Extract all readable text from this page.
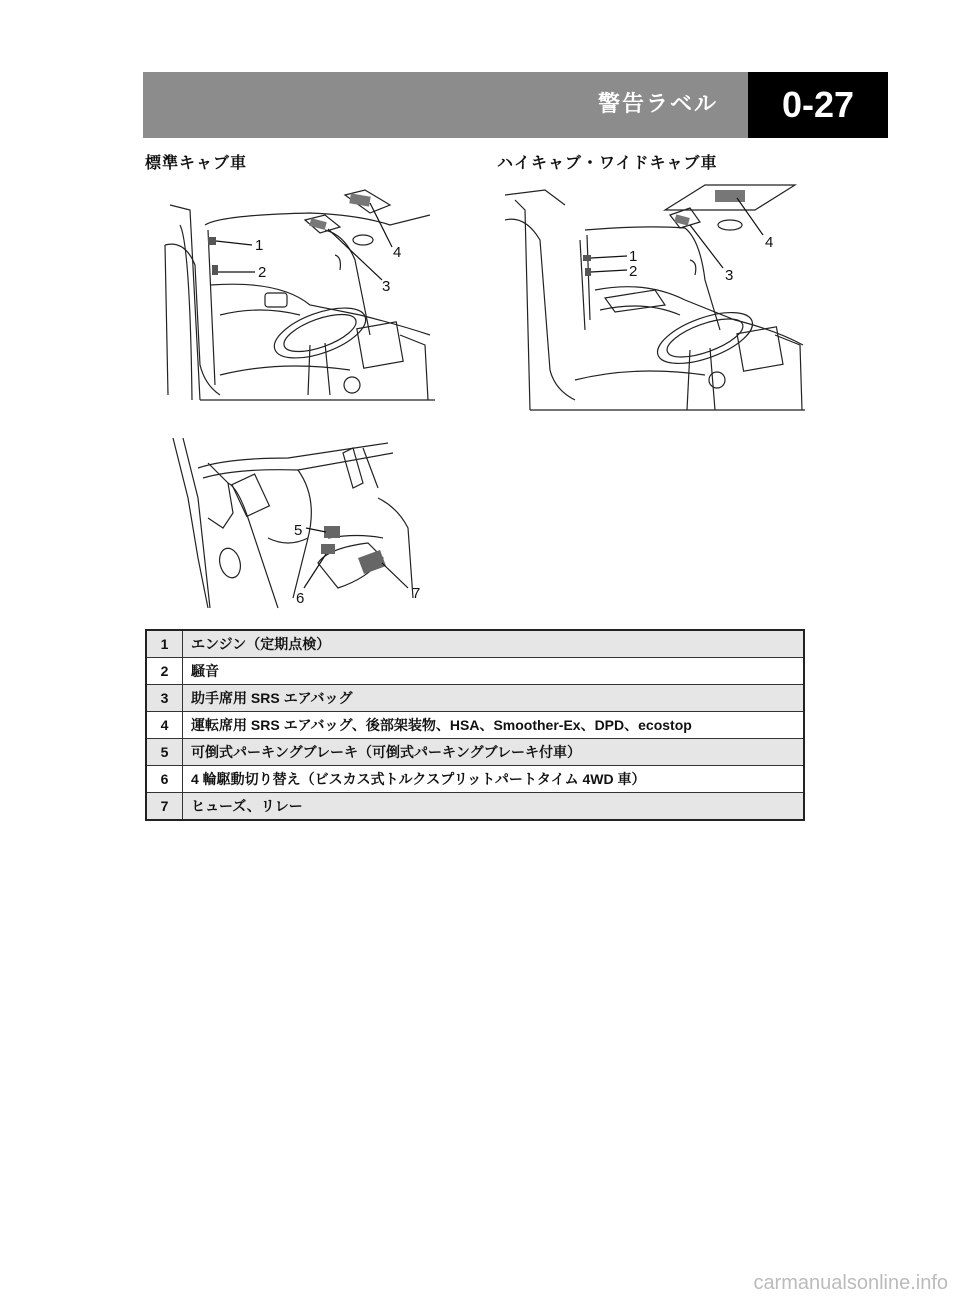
警告ラベル	0-27
標準キャブ車	ハイキャブ・ワイドキャブ車
1
2
3
4	1
2	3
4
5
6	7
1	エンジン（定期点検）
2	騒音
3	助手席用 SRS エアバッグ
4	運転席用 SRS エアバッグ、後部架装物、HSA、Smoother-Ex、DPD、ecostop
5	可倒式パーキングブレーキ（可倒式パーキングブレーキ付車）
6	4 輪駆動切り替え（ビスカス式トルクスプリットパートタイム 4WD 車）
7	ヒューズ、リレー
carmanualsonline.info
